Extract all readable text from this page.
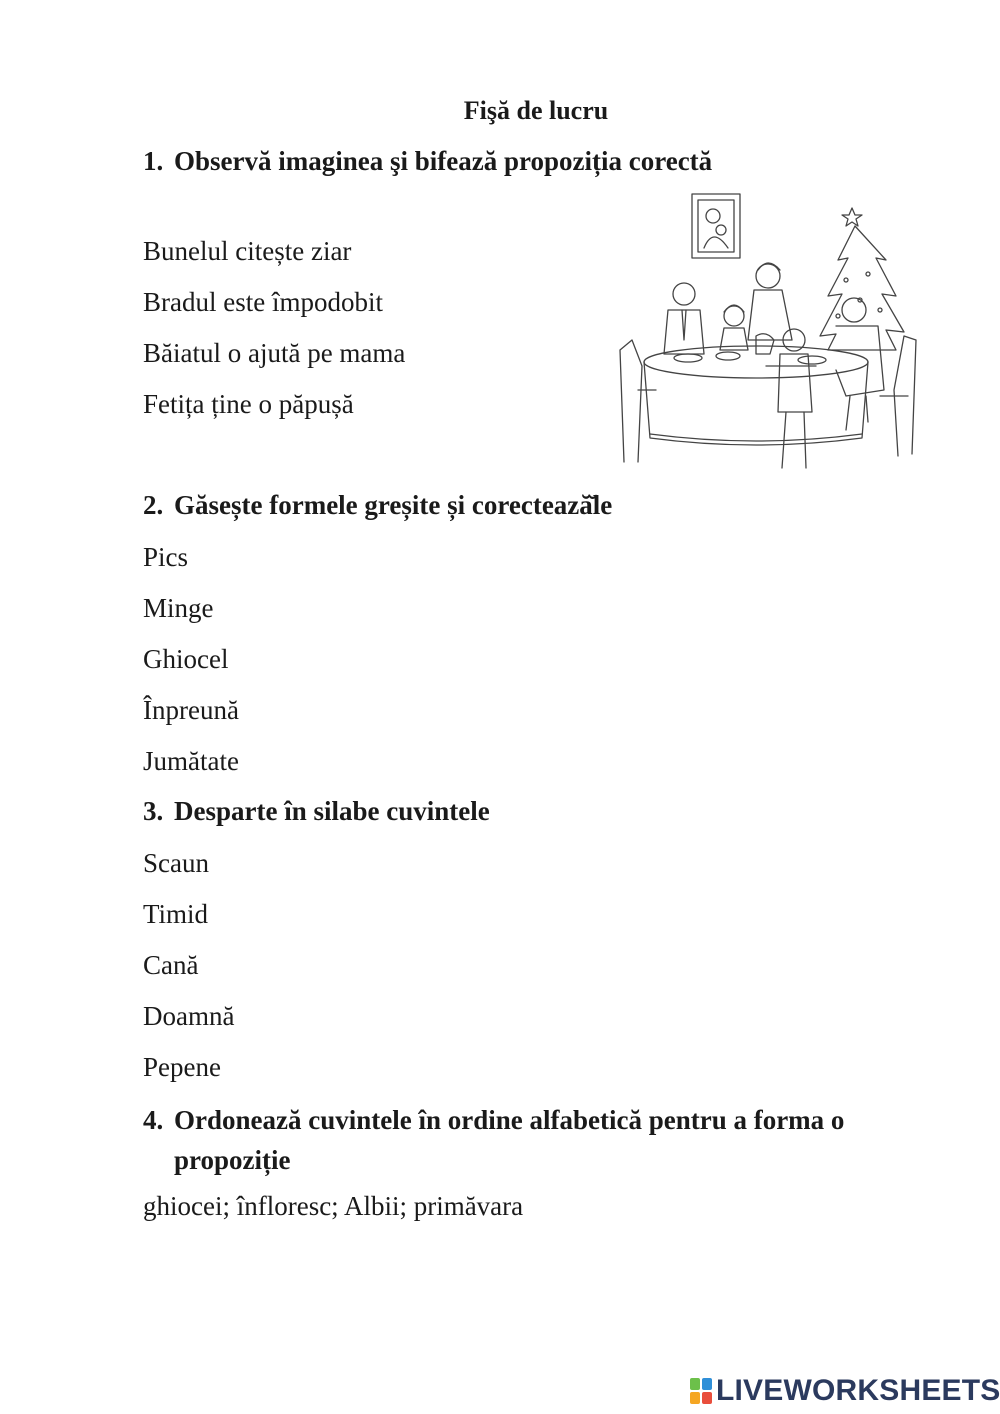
Fişă de lucru
1. Observă imaginea şi bifează propoziția corectă
Bunelul citește ziar
Bradul este împodobit
Băiatul o ajută pe mama
Fetița ține o păpușă
2. Găsește formele greșite și corectează̆le
Pics
Minge
Ghiocel
Înpreună
Jumătate
3. Desparte în silabe cuvintele
Scaun
Timid
Cană
Doamnă
Pepene
4. Ordonează cuvintele în ordine alfabetică pentru a forma o
propoziție
ghiocei; înfloresc; Albii; primăvara
LIVEWORKSHEETS
